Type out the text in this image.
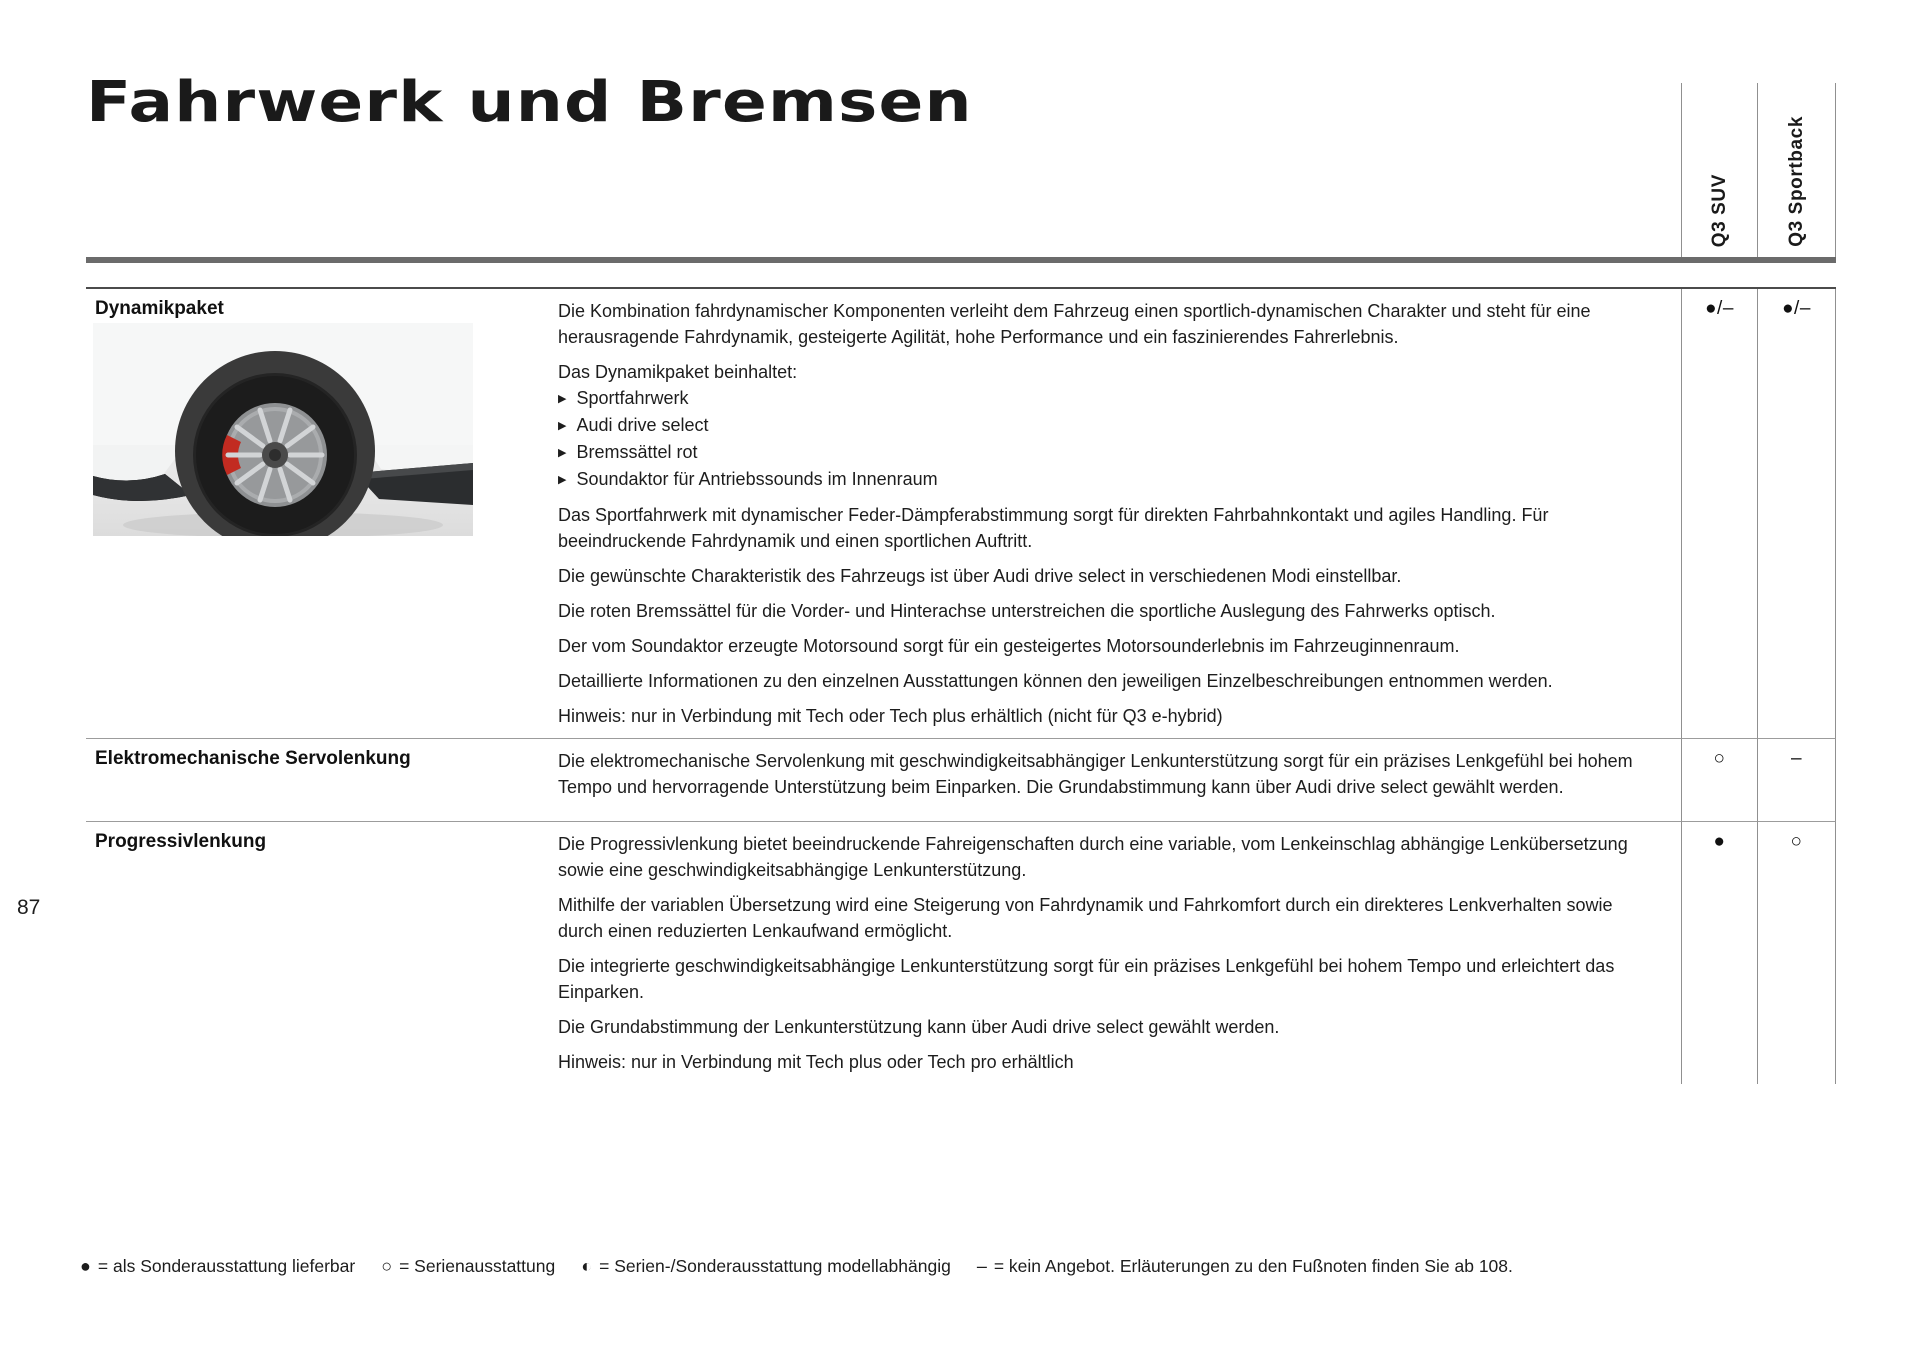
87
Fahrwerk und Bremsen
Q3 SUV	Q3 Sportback
Dynamikpaket	Die Kombination fahrdynamischer Komponenten verleiht dem Fahrzeug einen sportlich-dynamischen Charakter und steht für eine herausragende Fahrdynamik, gesteigerte Agilität, hohe Performance und ein faszinierendes Fahrerlebnis.

Das Dynamikpaket beinhaltet:

▶ Sportfahrwerk
▶ Audi drive select
▶ Bremssättel rot
▶ Soundaktor für Antriebssounds im Innenraum

Das Sportfahrwerk mit dynamischer Feder-Dämpferabstimmung sorgt für direkten Fahrbahnkontakt und agiles Handling. Für beeindruckende Fahrdynamik und einen sportlichen Auftritt.

Die gewünschte Charakteristik des Fahrzeugs ist über Audi drive select in verschiedenen Modi einstellbar.

Die roten Bremssättel für die Vorder- und Hinterachse unterstreichen die sportliche Auslegung des Fahrwerks optisch.

Der vom Soundaktor erzeugte Motorsound sorgt für ein gesteigertes Motorsounderlebnis im Fahrzeuginnenraum.

Detaillierte Informationen zu den einzelnen Ausstattungen können den jeweiligen Einzelbeschreibungen entnommen werden.

Hinweis: nur in Verbindung mit Tech oder Tech plus erhältlich (nicht für Q3 e-hybrid)

●/–	●/–
Elektromechanische Servolenkung	Die elektromechanische Servolenkung mit geschwindigkeitsabhängiger Lenkunterstützung sorgt für ein präzises Lenkgefühl bei hohem Tempo und hervorragende Unterstützung beim Einparken. Die Grundabstimmung kann über Audi drive select gewählt werden.

○	–
Progressivlenkung	Die Progressivlenkung bietet beeindruckende Fahreigenschaften durch eine variable, vom Lenkeinschlag abhängige Lenkübersetzung sowie eine geschwindigkeitsabhängige Lenkunterstützung.

Mithilfe der variablen Übersetzung wird eine Steigerung von Fahrdynamik und Fahrkomfort durch ein direkteres Lenkverhalten sowie durch einen reduzierten Lenkaufwand ermöglicht.

Die integrierte geschwindigkeitsabhängige Lenkunterstützung sorgt für ein präzises Lenkgefühl bei hohem Tempo und erleichtert das Einparken.

Die Grundabstimmung der Lenkunterstützung kann über Audi drive select gewählt werden.

Hinweis: nur in Verbindung mit Tech plus oder Tech pro erhältlich

●	○
● = als Sonderausstattung lieferbar ○ = Serienausstattung ◐ = Serien-/Sonderausstattung modellabhängig – = kein Angebot. Erläuterungen zu den Fußnoten finden Sie ab 108.
